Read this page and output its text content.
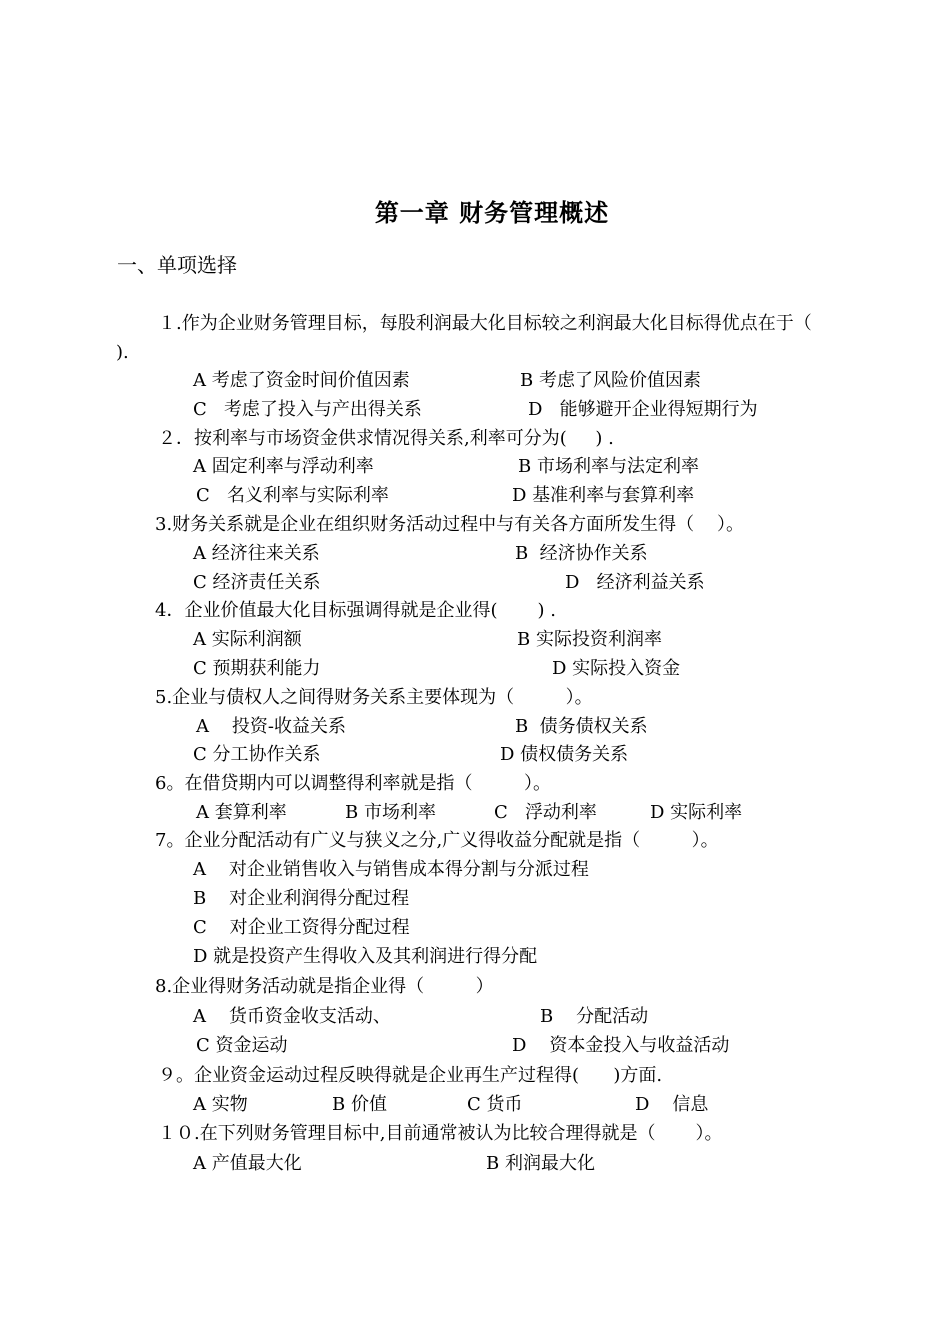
第一章 财务管理概述
一、单项选择
１.作为企业财务管理目标，每股利润最大化目标较之利润最大化目标得优点在于（
).
A 考虑了资金时间价值因素	B 考虑了风险价值因素
C   考虑了投入与产出得关系	D   能够避开企业得短期行为
２．按利率与市场资金供求情况得关系,利率可分为(     ) .
A 固定利率与浮动利率	B 市场利率与法定利率
C   名义利率与实际利率	D 基准利率与套算利率
3.财务关系就是企业在组织财务活动过程中与有关各方面所发生得（    ）。
A 经济往来关系	B  经济协作关系
C 经济责任关系	D   经济利益关系
4．企业价值最大化目标强调得就是企业得(       ) .
A 实际利润额	B 实际投资利润率
C 预期获利能力	D 实际投入资金
5.企业与债权人之间得财务关系主要体现为（         ）。
A    投资-收益关系	B  债务债权关系
C 分工协作关系	D 债权债务关系
6。在借贷期内可以调整得利率就是指（         ）。
A 套算利率	B 市场利率	C   浮动利率	D 实际利率
7。企业分配活动有广义与狭义之分,广义得收益分配就是指（         ）。
A    对企业销售收入与销售成本得分割与分派过程
B    对企业利润得分配过程
C    对企业工资得分配过程
D 就是投资产生得收入及其利润进行得分配
8.企业得财务活动就是指企业得（         ）
A    货币资金收支活动、	B    分配活动
C 资金运动	D    资本金投入与收益活动
９。企业资金运动过程反映得就是企业再生产过程得(      )方面.
A 实物	B 价值	C 货币	D    信息
１０.在下列财务管理目标中,目前通常被认为比较合理得就是（       ）。
A 产值最大化	B 利润最大化
